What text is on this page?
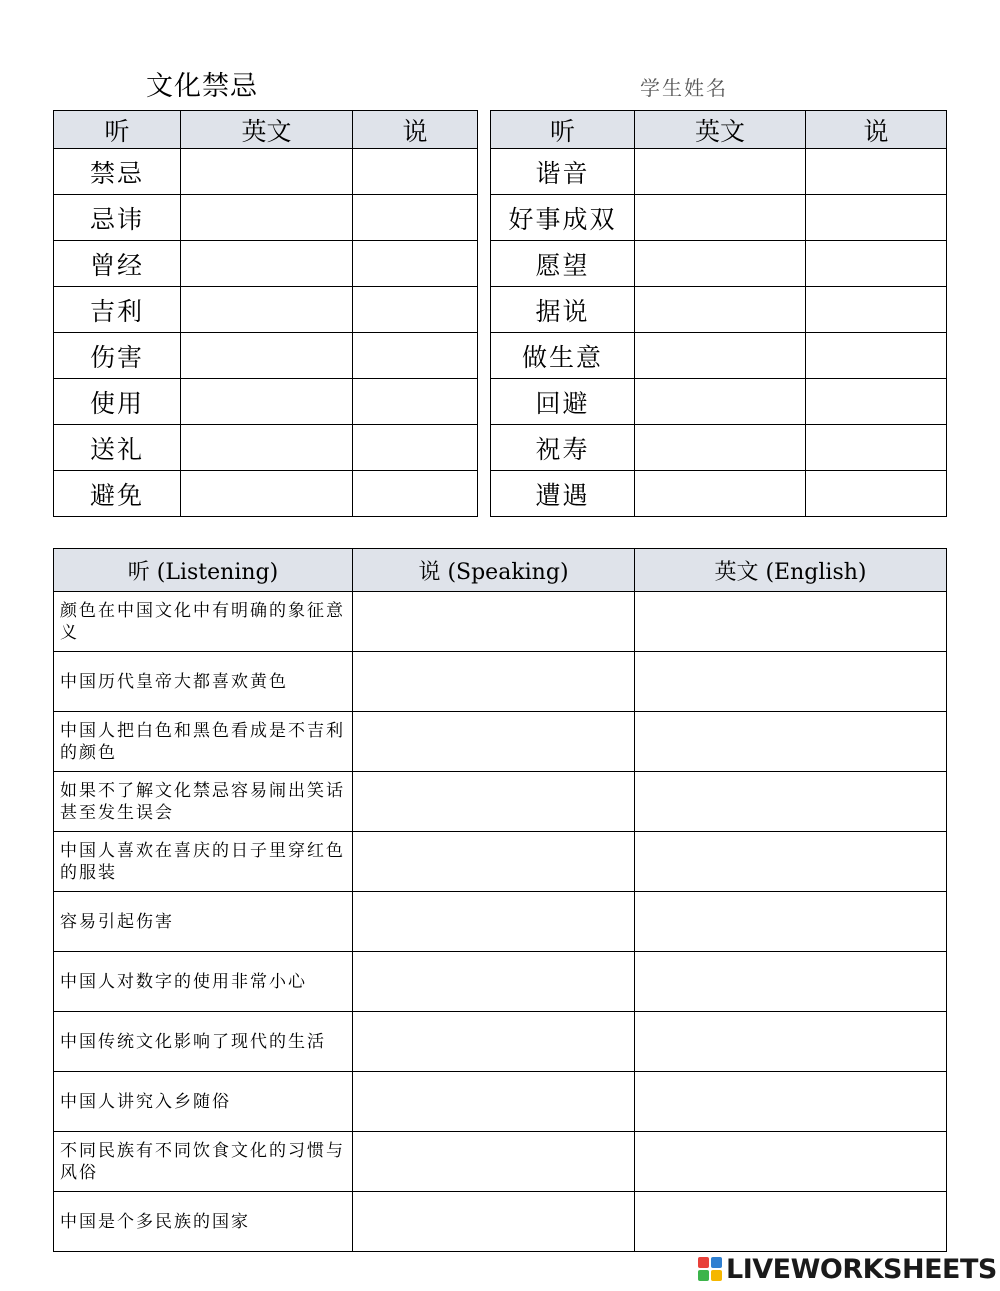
文化禁忌	学生姓名
听	英文	说
禁忌		
忌讳		
曾经		
吉利		
伤害		
使用		
送礼		
避免		
听	英文	说
谐音		
好事成双		
愿望		
据说		
做生意		
回避		
祝寿		
遭遇		
听 (Listening)	说 (Speaking)	英文 (English)
颜色在中国文化中有明确的象征意义		
中国历代皇帝大都喜欢黄色		
中国人把白色和黑色看成是不吉利的颜色		
如果不了解文化禁忌容易闹出笑话甚至发生误会		
中国人喜欢在喜庆的日子里穿红色的服装		
容易引起伤害		
中国人对数字的使用非常小心		
中国传统文化影响了现代的生活		
中国人讲究入乡随俗		
不同民族有不同饮食文化的习惯与风俗		
中国是个多民族的国家		
LIVEWORKSHEETS
